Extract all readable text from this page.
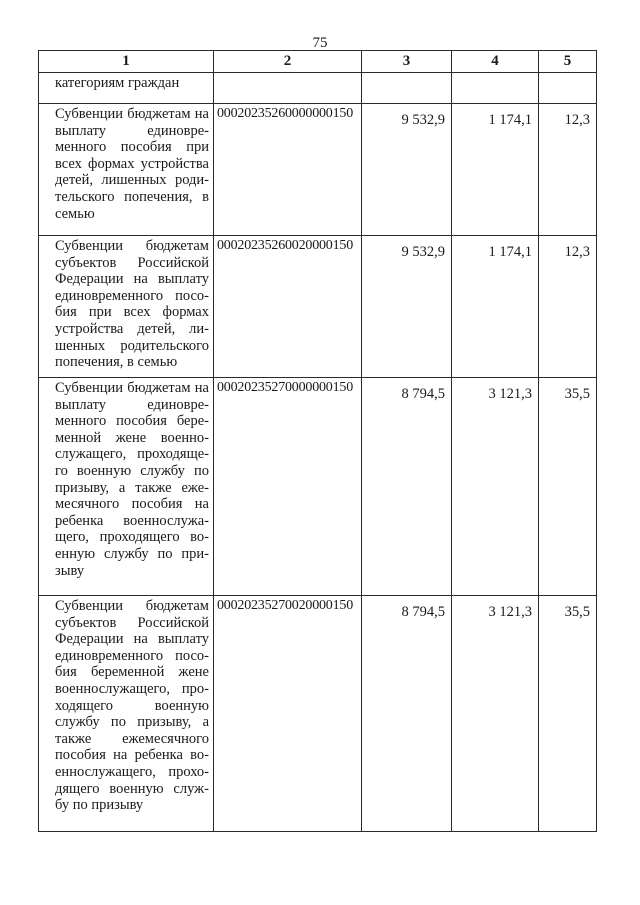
75
1	2	3	4	5
категориям граждан				
Субвенции бюджетам на выплату единовре-менного пособия при всех формах устройства детей, лишенных роди-тельского попечения, в семью	00020235260000000150	9 532,9	1 174,1	12,3
Субвенции бюджетам субъектов Российской Федерации на выплату единовременного посо-бия при всех формах устройства детей, ли-шенных родительского попечения, в семью	00020235260020000150	9 532,9	1 174,1	12,3
Субвенции бюджетам на выплату единовре-менного пособия бере-менной жене военно-служащего, проходяще-го военную службу по призыву, а также еже-месячного пособия на ребенка военнослужа-щего, проходящего во-енную службу по при-зыву	00020235270000000150	8 794,5	3 121,3	35,5
Субвенции бюджетам субъектов Российской Федерации на выплату единовременного посо-бия беременной жене военнослужащего, про-ходящего военную службу по призыву, а также ежемесячного пособия на ребенка во-еннослужащего, прохо-дящего военную служ-бу по призыву	00020235270020000150	8 794,5	3 121,3	35,5
